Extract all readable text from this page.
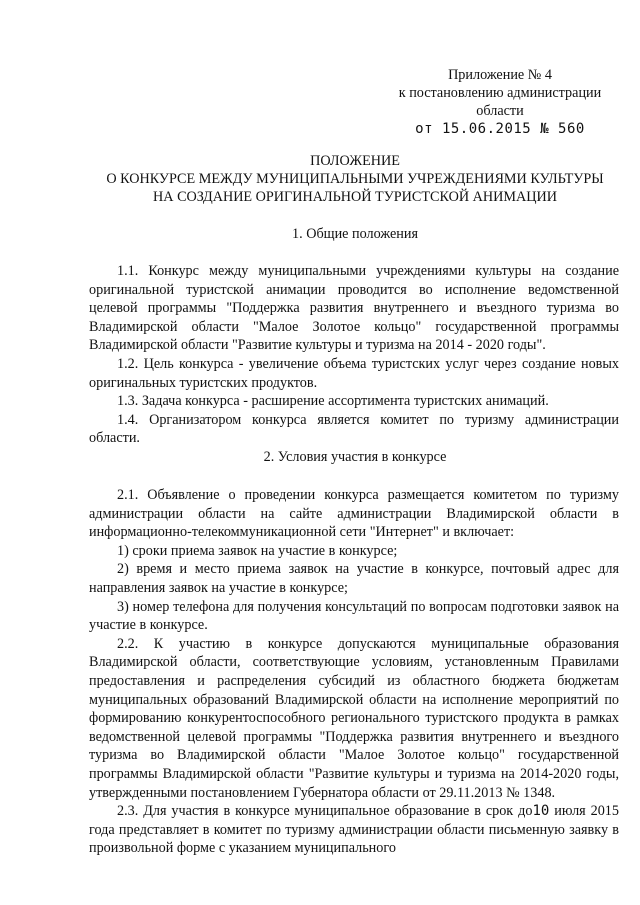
Приложение № 4
к постановлению администрации
области
от 15.06.2015 № 560
ПОЛОЖЕНИЕ
О КОНКУРСЕ МЕЖДУ МУНИЦИПАЛЬНЫМИ УЧРЕЖДЕНИЯМИ КУЛЬТУРЫ
НА СОЗДАНИЕ ОРИГИНАЛЬНОЙ ТУРИСТСКОЙ АНИМАЦИИ
1. Общие положения

1.1. Конкурс между муниципальными учреждениями культуры на создание оригинальной туристской анимации проводится во исполнение ведомственной целевой программы "Поддержка развития внутреннего и въездного туризма во Владимирской области "Малое Золотое кольцо" государственной программы Владимирской области "Развитие культуры и туризма на 2014 - 2020 годы".

1.2. Цель конкурса - увеличение объема туристских услуг через создание новых оригинальных туристских продуктов.

1.3. Задача конкурса - расширение ассортимента туристских анимаций.

1.4. Организатором конкурса является комитет по туризму администрации области.

2. Условия участия в конкурсе

2.1. Объявление о проведении конкурса размещается комитетом по туризму администрации области на сайте администрации Владимирской области в информационно-телекоммуникационной сети "Интернет" и включает:

1) сроки приема заявок на участие в конкурсе;

2) время и место приема заявок на участие в конкурсе, почтовый адрес для направления заявок на участие в конкурсе;

3) номер телефона для получения консультаций по вопросам подготовки заявок на участие в конкурсе.

2.2. К участию в конкурсе допускаются муниципальные образования Владимирской области, соответствующие условиям, установленным Правилами предоставления и распределения субсидий из областного бюджета бюджетам муниципальных образований Владимирской области на исполнение мероприятий по формированию конкурентоспособного регионального туристского продукта в рамках ведомственной целевой программы "Поддержка развития внутреннего и въездного туризма во Владимирской области "Малое Золотое кольцо" государственной программы Владимирской области "Развитие культуры и туризма на 2014-2020 годы, утвержденными постановлением Губернатора области от 29.11.2013 № 1348.

2.3. Для участия в конкурсе муниципальное образование в срок до10 июля 2015 года представляет в комитет по туризму администрации области письменную заявку в произвольной форме с указанием муниципального
